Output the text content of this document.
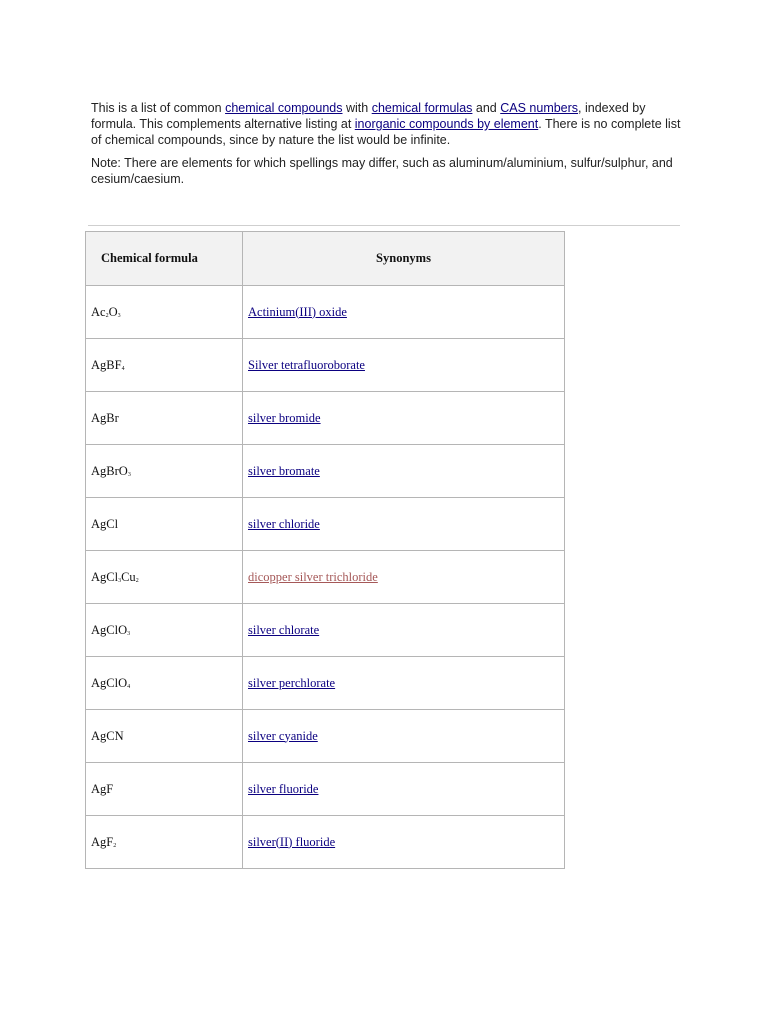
This is a list of common chemical compounds with chemical formulas and CAS numbers, indexed by formula. This complements alternative listing at inorganic compounds by element. There is no complete list of chemical compounds, since by nature the list would be infinite.

Note: There are elements for which spellings may differ, such as aluminum/aluminium, sulfur/sulphur, and cesium/caesium.

Chemical formula	Synonyms
$Ac_2O_3$	Actinium(III) oxide
AgBF$_4$	Silver tetrafluoroborate
AgBr	silver bromide
AgBrO$_3$	silver bromate
AgCl	silver chloride
$AgCl_3Cu_2$	dicopper silver trichloride
AgClO$_3$	silver chlorate
AgClO$_4$	silver perchlorate
AgCN	silver cyanide
AgF	silver fluoride
AgF$_2$	silver(II) fluoride
